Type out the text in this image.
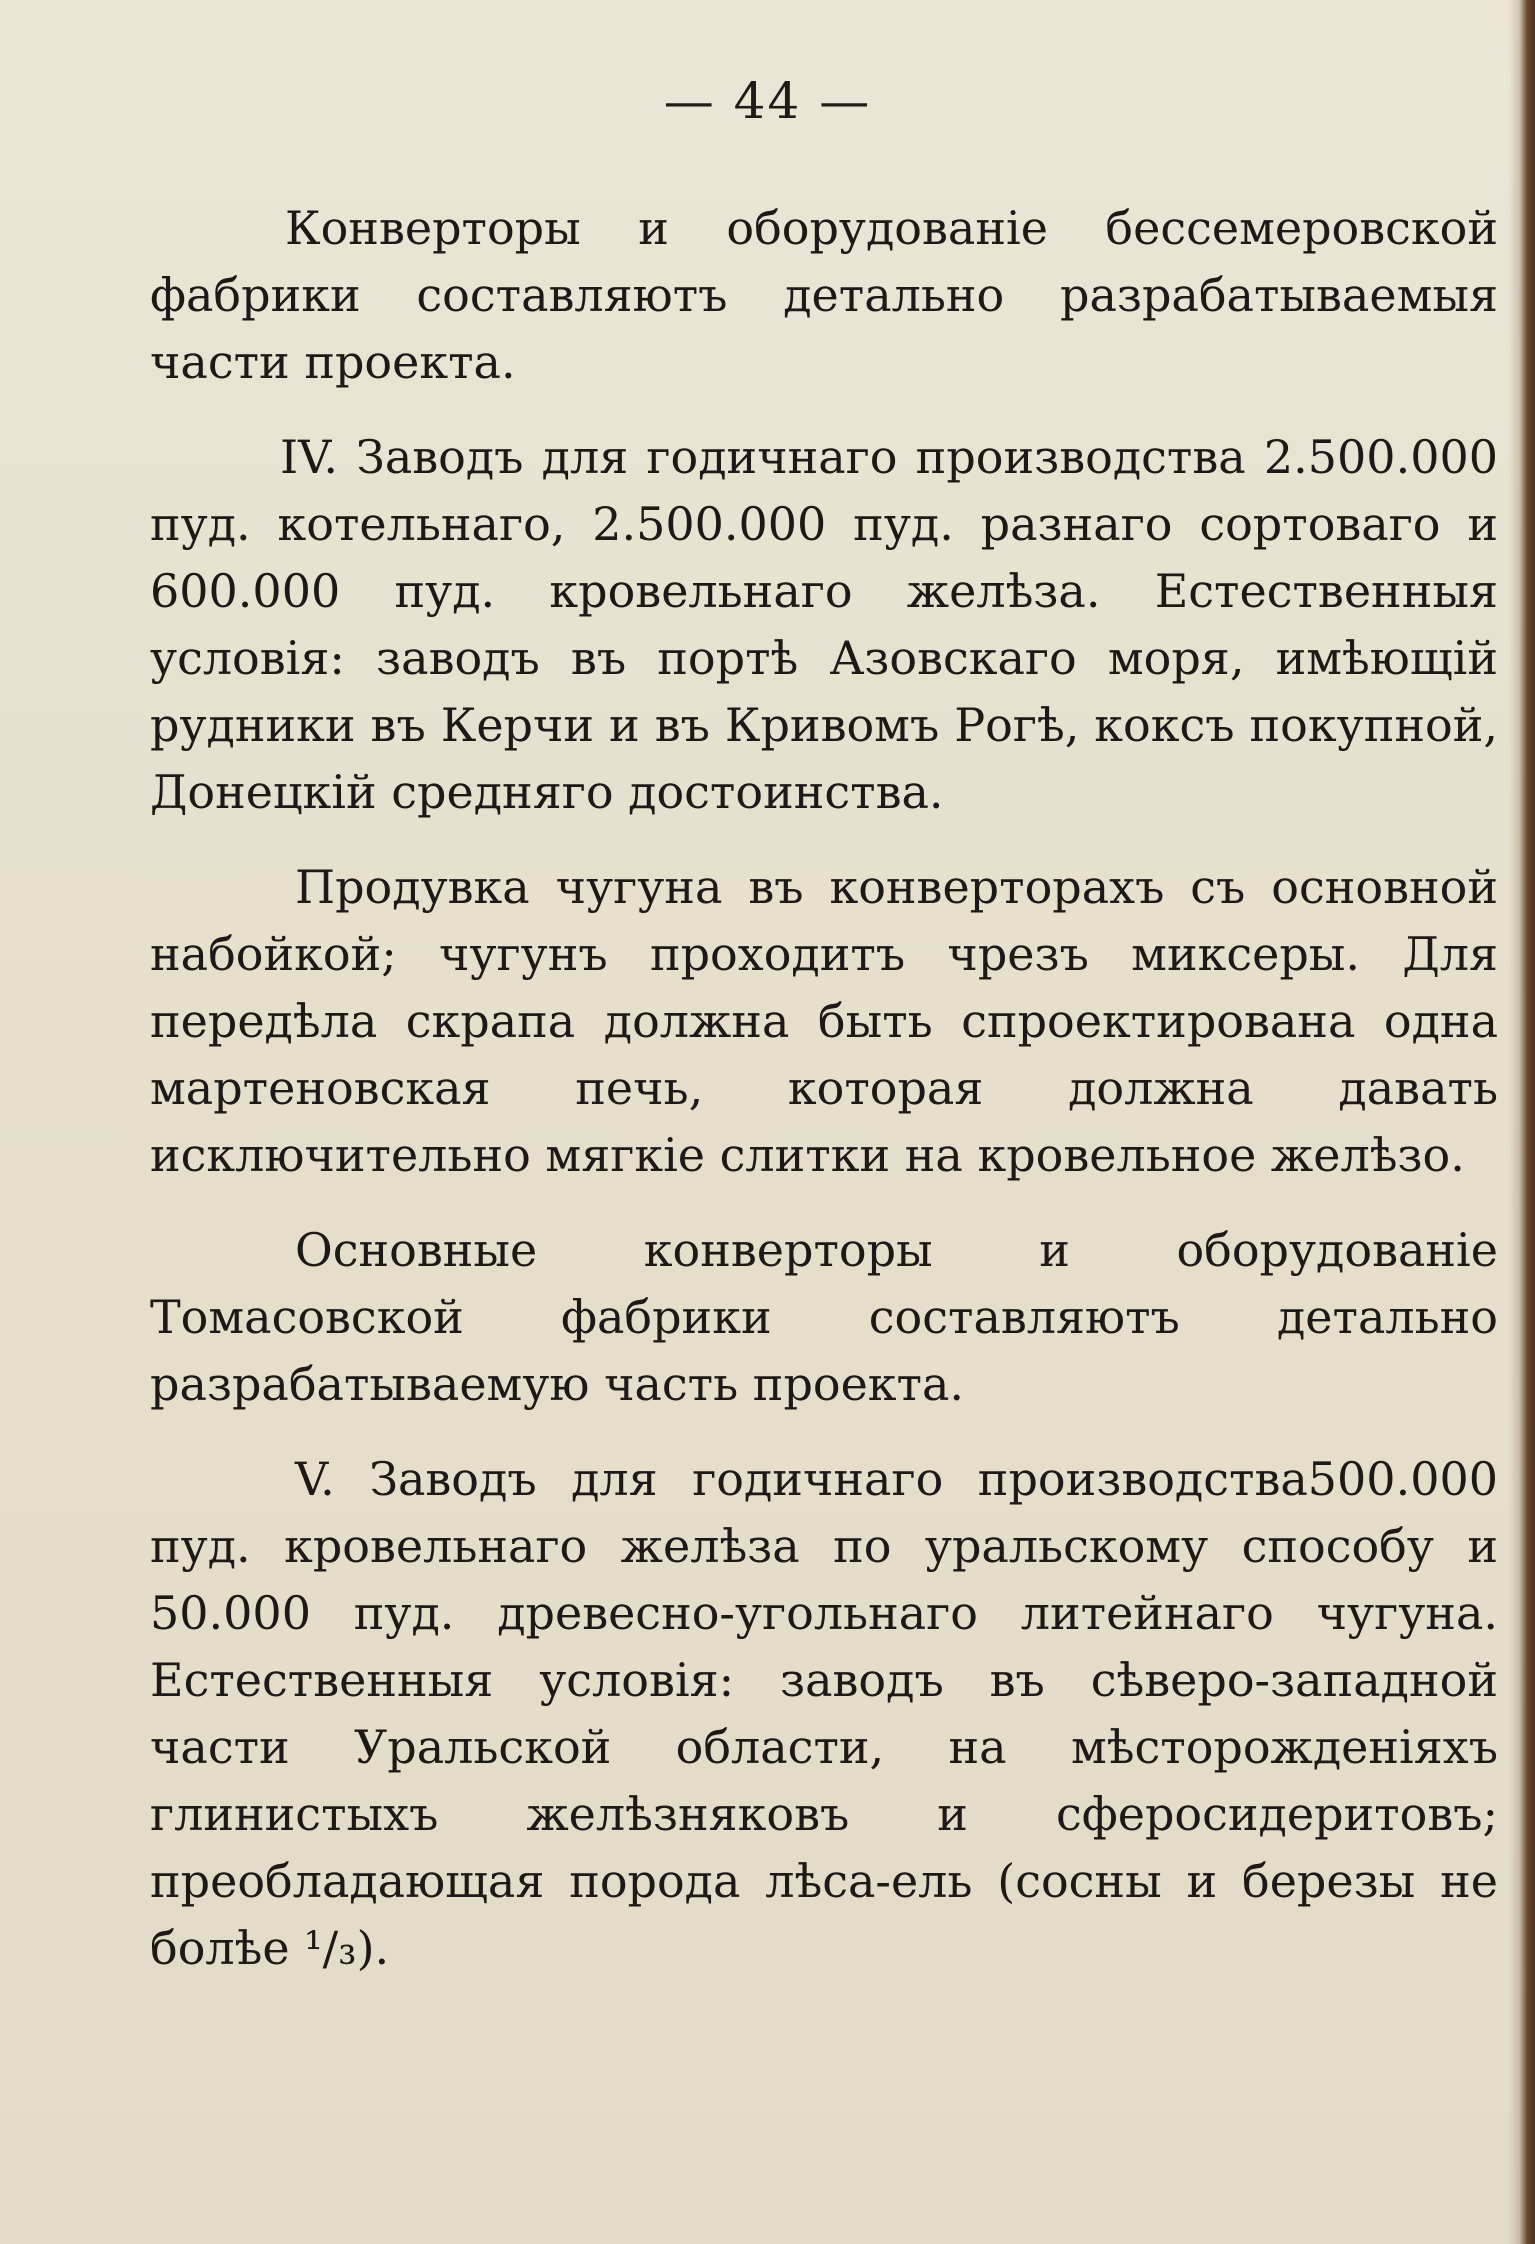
— 44 —

Конверторы и оборудованіе бессемеровской фабрики составляютъ детально разрабатываемыя части проекта.

IV. Заводъ для годичнаго производства 2.500.000 пуд. котельнаго, 2.500.000 пуд. разнаго сортоваго и 600.000 пуд. кровельнаго желѣза. Естественныя условія: заводъ въ портѣ Азовскаго моря, имѣющій рудники въ Керчи и въ Кривомъ Рогѣ, коксъ покупной, Донецкій средняго достоинства.

Продувка чугуна въ конверторахъ съ основной набойкой; чугунъ проходитъ чрезъ миксеры. Для передѣла скрапа должна быть спроектирована одна мартеновская печь, которая должна давать исключительно мягкіе слитки на кровельное желѣзо.

Основные конверторы и оборудованіе Томасовской фабрики составляютъ детально разрабатываемую часть проекта.

V. Заводъ для годичнаго производства500.000 пуд. кровельнаго желѣза по уральскому способу и 50.000 пуд. древесно-угольнаго литейнаго чугуна. Естественныя условія: заводъ въ сѣверо-западной части Уральской области, на мѣсторожденіяхъ глинистыхъ желѣзняковъ и сферосидеритовъ; преобладающая порода лѣса-ель (сосны и березы не болѣе ¹/₃).
